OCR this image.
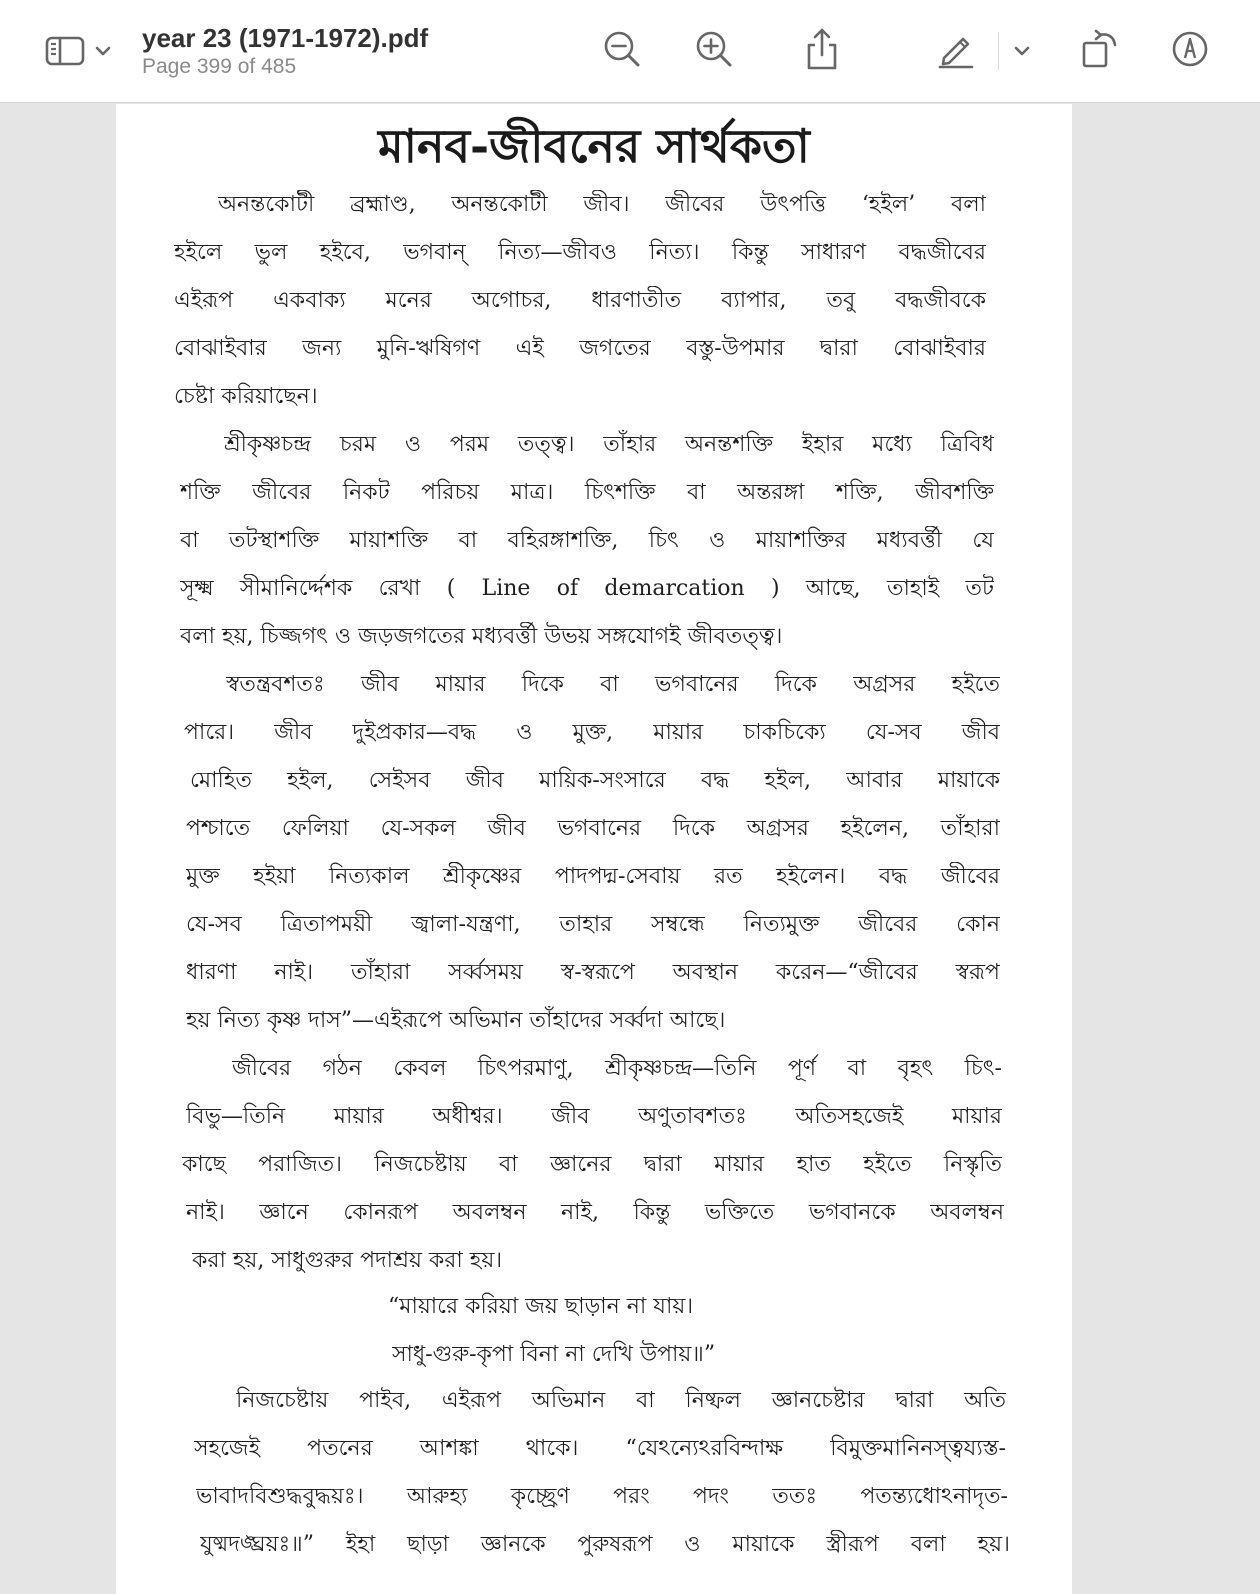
year 23 (1971-1972).pdf
Page 399 of 485
মানব-জীবনের সার্থকতা
অনন্তকোটী ব্রহ্মাণ্ড, অনন্তকোটী জীব। জীবের উৎপত্তি ‘হইল’ বলা
হইলে ভুল হইবে, ভগবান্ নিত্য—জীবও নিত্য। কিন্তু সাধারণ বদ্ধজীবের
এইরূপ একবাক্য মনের অগোচর, ধারণাতীত ব্যাপার, তবু বদ্ধজীবকে
বোঝাইবার জন্য মুনি-ঋষিগণ এই জগতের বস্তু-উপমার দ্বারা বোঝাইবার
চেষ্টা করিয়াছেন।
শ্রীকৃষ্ণচন্দ্র চরম ও পরম তত্ত্ব। তাঁহার অনন্তশক্তি ইহার মধ্যে ত্রিবিধ
শক্তি জীবের নিকট পরিচয় মাত্র। চিৎশক্তি বা অন্তরঙ্গা শক্তি, জীবশক্তি
বা তটস্থাশক্তি মায়াশক্তি বা বহিরঙ্গাশক্তি, চিৎ ও মায়াশক্তির মধ্যবর্ত্তী যে
সূক্ষ্ম সীমানির্দ্দেশক রেখা ( Line of demarcation ) আছে, তাহাই তট
বলা হয়, চিজ্জগৎ ও জড়জগতের মধ্যবর্ত্তী উভয় সঙ্গযোগই জীবতত্ত্ব।
স্বতন্ত্রবশতঃ জীব মায়ার দিকে বা ভগবানের দিকে অগ্রসর হইতে
পারে। জীব দুইপ্রকার—বদ্ধ ও মুক্ত, মায়ার চাকচিক্যে যে-সব জীব
মোহিত হইল, সেইসব জীব মায়িক-সংসারে বদ্ধ হইল, আবার মায়াকে
পশ্চাতে ফেলিয়া যে-সকল জীব ভগবানের দিকে অগ্রসর হইলেন, তাঁহারা
মুক্ত হইয়া নিত্যকাল শ্রীকৃষ্ণের পাদপদ্ম-সেবায় রত হইলেন। বদ্ধ জীবের
যে-সব ত্রিতাপময়ী জ্বালা-যন্ত্রণা, তাহার সম্বন্ধে নিত্যমুক্ত জীবের কোন
ধারণা নাই। তাঁহারা সর্ব্বসময় স্ব-স্বরূপে অবস্থান করেন—“জীবের স্বরূপ
হয় নিত্য কৃষ্ণ দাস”—এইরূপে অভিমান তাঁহাদের সর্ব্বদা আছে।
জীবের গঠন কেবল চিৎপরমাণু, শ্রীকৃষ্ণচন্দ্র—তিনি পূর্ণ বা বৃহৎ চিৎ-
বিভু—তিনি মায়ার অধীশ্বর। জীব অণুতাবশতঃ অতিসহজেই মায়ার
কাছে পরাজিত। নিজচেষ্টায় বা জ্ঞানের দ্বারা মায়ার হাত হইতে নিস্কৃতি
নাই। জ্ঞানে কোনরূপ অবলম্বন নাই, কিন্তু ভক্তিতে ভগবানকে অবলম্বন
করা হয়, সাধুগুরুর পদাশ্রয় করা হয়।
“মায়ারে করিয়া জয় ছাড়ান না যায়।
সাধু-গুরু-কৃপা বিনা না দেখি উপায়॥”
নিজচেষ্টায় পাইব, এইরূপ অভিমান বা নিষ্ফল জ্ঞানচেষ্টার দ্বারা অতি
সহজেই পতনের আশঙ্কা থাকে। “যেঽন্যেঽরবিন্দাক্ষ বিমুক্তমানিনস্ত্বয্যস্ত-
ভাবাদবিশুদ্ধবুদ্ধয়ঃ। আরুহ্য কৃচ্ছ্রেণ পরং পদং ততঃ পতন্ত্যধোঽনাদৃত-
যুষ্মদঙ্ঘ্রয়ঃ॥” ইহা ছাড়া জ্ঞানকে পুরুষরূপ ও মায়াকে স্ত্রীরূপ বলা হয়।
